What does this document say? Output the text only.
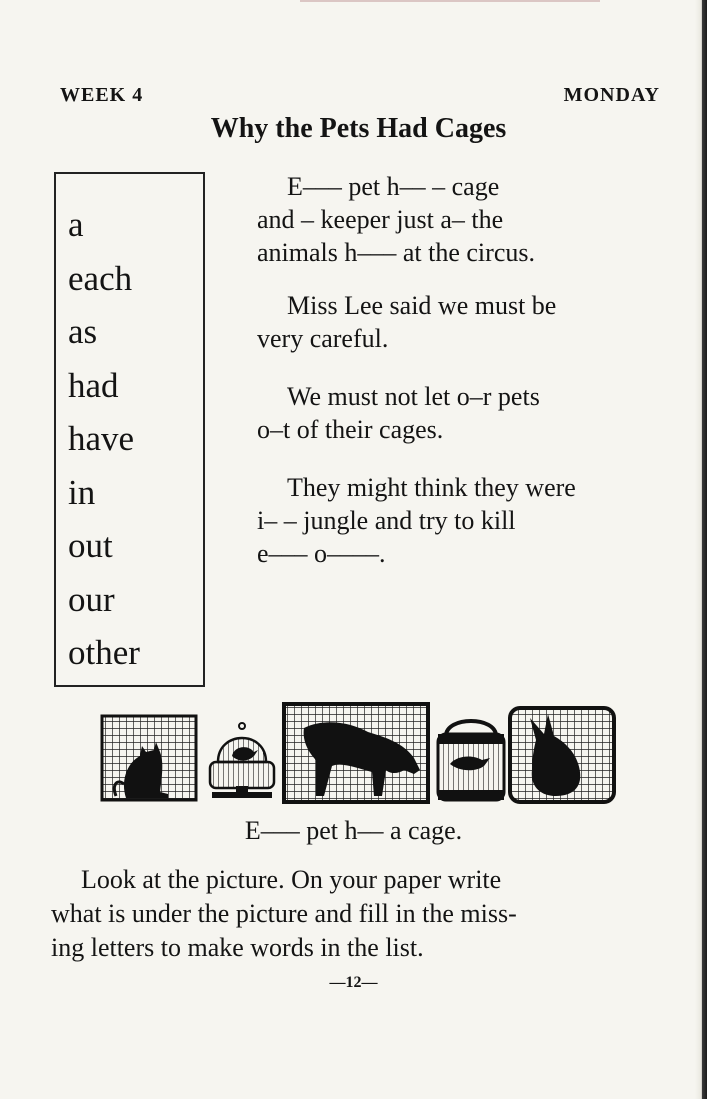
WEEK 4	MONDAY
Why the Pets Had Cages
a
each
as
had
have
in
out
our
other
E––– pet h–– – cage
and – keeper just a– the
animals h––– at the circus.
Miss Lee said we must be
very careful.
We must not let o–r pets
o–t of their cages.
They might think they were
i– – jungle and try to kill
e––– o––––.
E––– pet h–– a cage.
Look at the picture. On your paper write
what is under the picture and fill in the miss-
ing letters to make words in the list.
—12—
